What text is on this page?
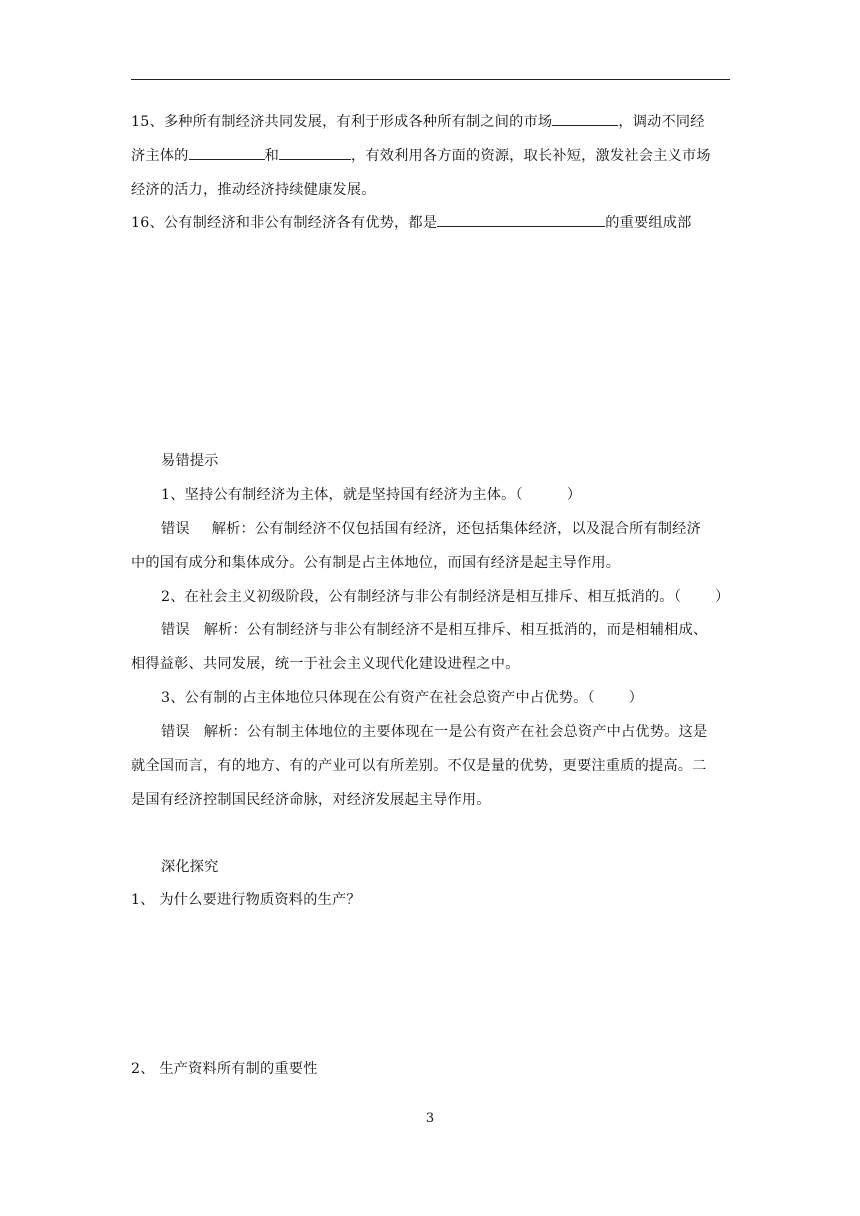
15、多种所有制经济共同发展，有利于形成各种所有制之间的市场	，调动不同经
济主体的	和	，有效利用各方面的资源，取长补短，激发社会主义市场
经济的活力，推动经济持续健康发展。
16、公有制经济和非公有制经济各有优势，都是	的重要组成部
易错提示
1、坚持公有制经济为主体，就是坚持国有经济为主体。（	）
错误 解析：公有制经济不仅包括国有经济，还包括集体经济，以及混合所有制经济
中的国有成分和集体成分。公有制是占主体地位，而国有经济是起主导作用。
2、在社会主义初级阶段，公有制经济与非公有制经济是相互排斥、相互抵消的。（ ）
错误 解析：公有制经济与非公有制经济不是相互排斥、相互抵消的，而是相辅相成、
相得益彰、共同发展，统一于社会主义现代化建设进程之中。
3、公有制的占主体地位只体现在公有资产在社会总资产中占优势。（ ）
错误 解析：公有制主体地位的主要体现在一是公有资产在社会总资产中占优势。这是
就全国而言，有的地方、有的产业可以有所差别。不仅是量的优势，更要注重质的提高。二
是国有经济控制国民经济命脉，对经济发展起主导作用。
深化探究
1、 为什么要进行物质资料的生产？
2、 生产资料所有制的重要性
3
